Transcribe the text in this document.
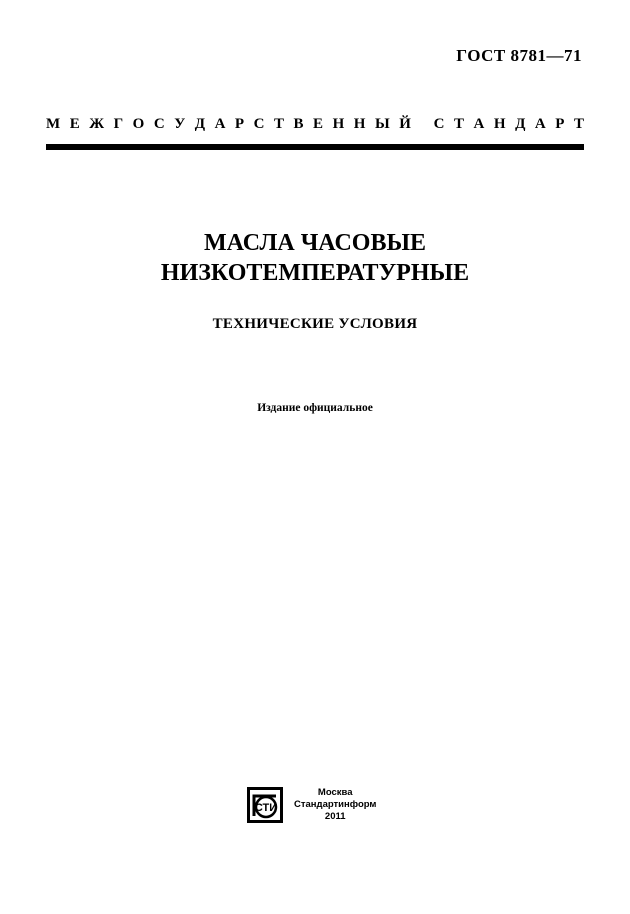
ГОСТ 8781—71
М Е Ж Г О С У Д А Р С Т В Е Н Н Ы Й
С Т А Н Д А Р Т
МАСЛА ЧАСОВЫЕ
НИЗКОТЕМПЕРАТУРНЫЕ
ТЕХНИЧЕСКИЕ УСЛОВИЯ
Издание официальное
СТИ
Москва
Стандартинформ
2011
